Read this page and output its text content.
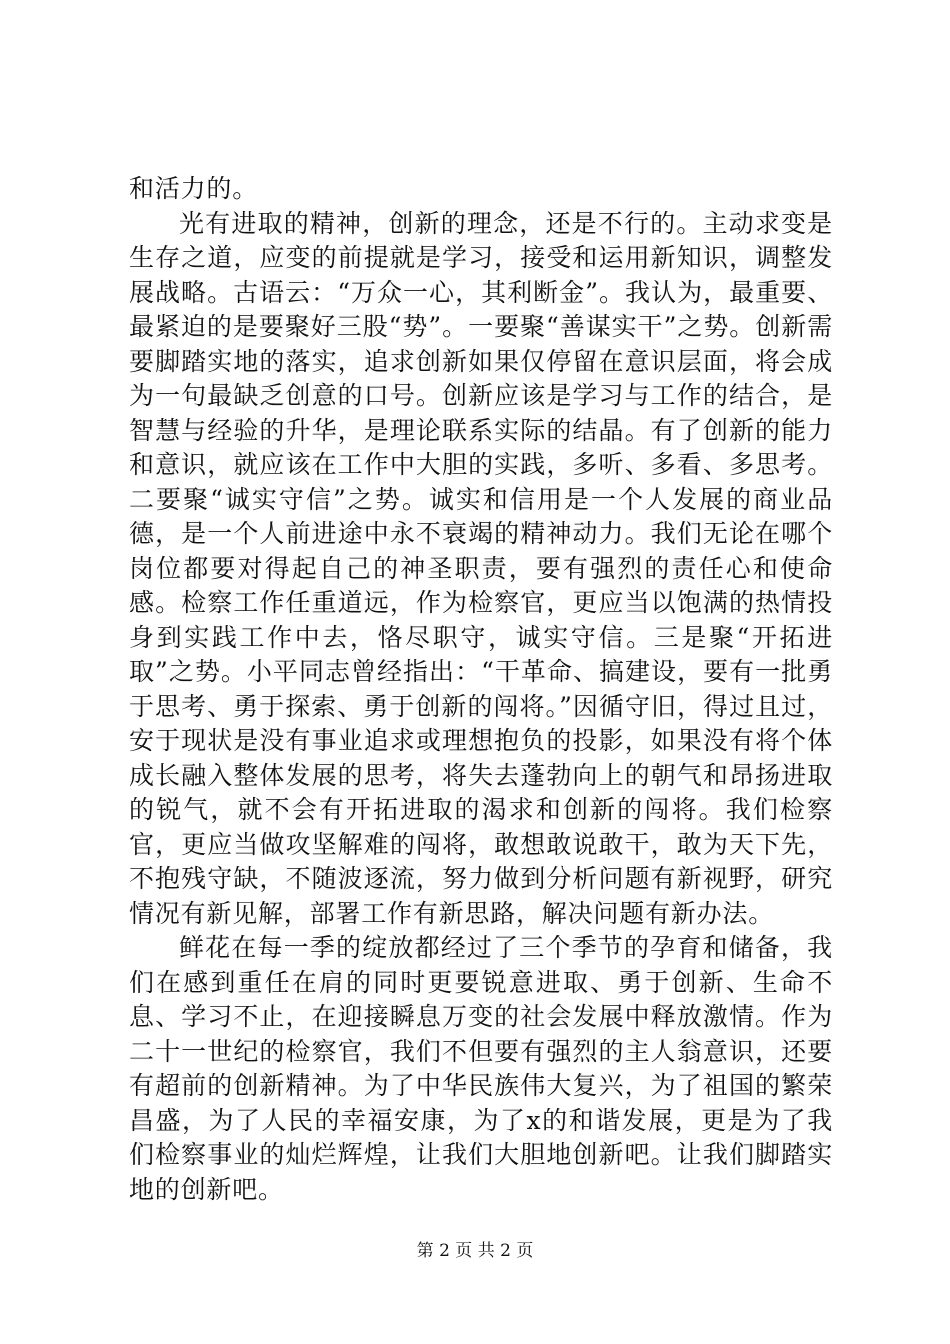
和活力的。

光有进取的精神，创新的理念，还是不行的。主动求变是生存之道，应变的前提就是学习，接受和运用新知识，调整发展战略。古语云：“万众一心，其利断金”。我认为，最重要、最紧迫的是要聚好三股“势”。一要聚“善谋实干”之势。创新需要脚踏实地的落实，追求创新如果仅停留在意识层面，将会成为一句最缺乏创意的口号。创新应该是学习与工作的结合，是智慧与经验的升华，是理论联系实际的结晶。有了创新的能力和意识，就应该在工作中大胆的实践，多听、多看、多思考。二要聚“诚实守信”之势。诚实和信用是一个人发展的商业品德，是一个人前进途中永不衰竭的精神动力。我们无论在哪个岗位都要对得起自己的神圣职责，要有强烈的责任心和使命感。检察工作任重道远，作为检察官，更应当以饱满的热情投身到实践工作中去，恪尽职守，诚实守信。三是聚“开拓进取”之势。小平同志曾经指出：“干革命、搞建设，要有一批勇于思考、勇于探索、勇于创新的闯将。”因循守旧，得过且过，安于现状是没有事业追求或理想抱负的投影，如果没有将个体成长融入整体发展的思考，将失去蓬勃向上的朝气和昂扬进取的锐气，就不会有开拓进取的渴求和创新的闯将。我们检察官，更应当做攻坚解难的闯将，敢想敢说敢干，敢为天下先，不抱残守缺，不随波逐流，努力做到分析问题有新视野，研究情况有新见解，部署工作有新思路，解决问题有新办法。

鲜花在每一季的绽放都经过了三个季节的孕育和储备，我们在感到重任在肩的同时更要锐意进取、勇于创新、生命不息、学习不止，在迎接瞬息万变的社会发展中释放激情。作为二十一世纪的检察官，我们不但要有强烈的主人翁意识，还要有超前的创新精神。为了中华民族伟大复兴，为了祖国的繁荣昌盛，为了人民的幸福安康，为了x的和谐发展，更是为了我们检察事业的灿烂辉煌，让我们大胆地创新吧。让我们脚踏实地的创新吧。

第 2 页 共 2 页
